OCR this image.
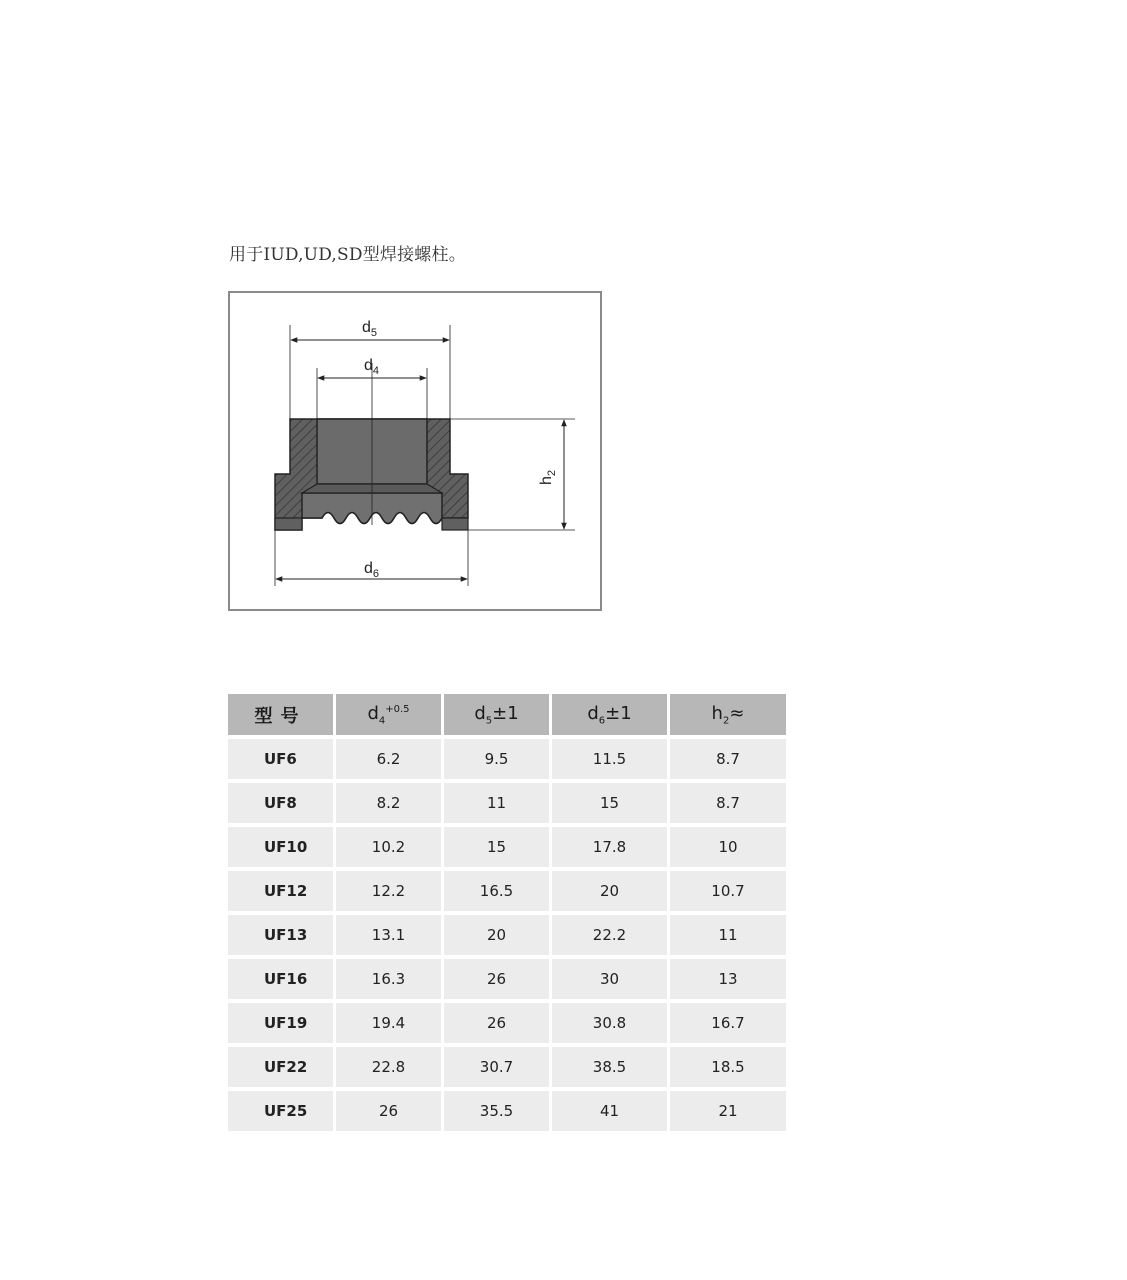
用于IUD,UD,SD型焊接螺柱。
$d_5$
$d_4$
$d_6$
$h_2$
型号	$d_4^{+0.5}$	$d_5\pm 1$	$d_6\pm 1$	$h_2\approx$
UF6	6.2	9.5	11.5	8.7
UF8	8.2	11	15	8.7
UF10	10.2	15	17.8	10
UF12	12.2	16.5	20	10.7
UF13	13.1	20	22.2	11
UF16	16.3	26	30	13
UF19	19.4	26	30.8	16.7
UF22	22.8	30.7	38.5	18.5
UF25	26	35.5	41	21
